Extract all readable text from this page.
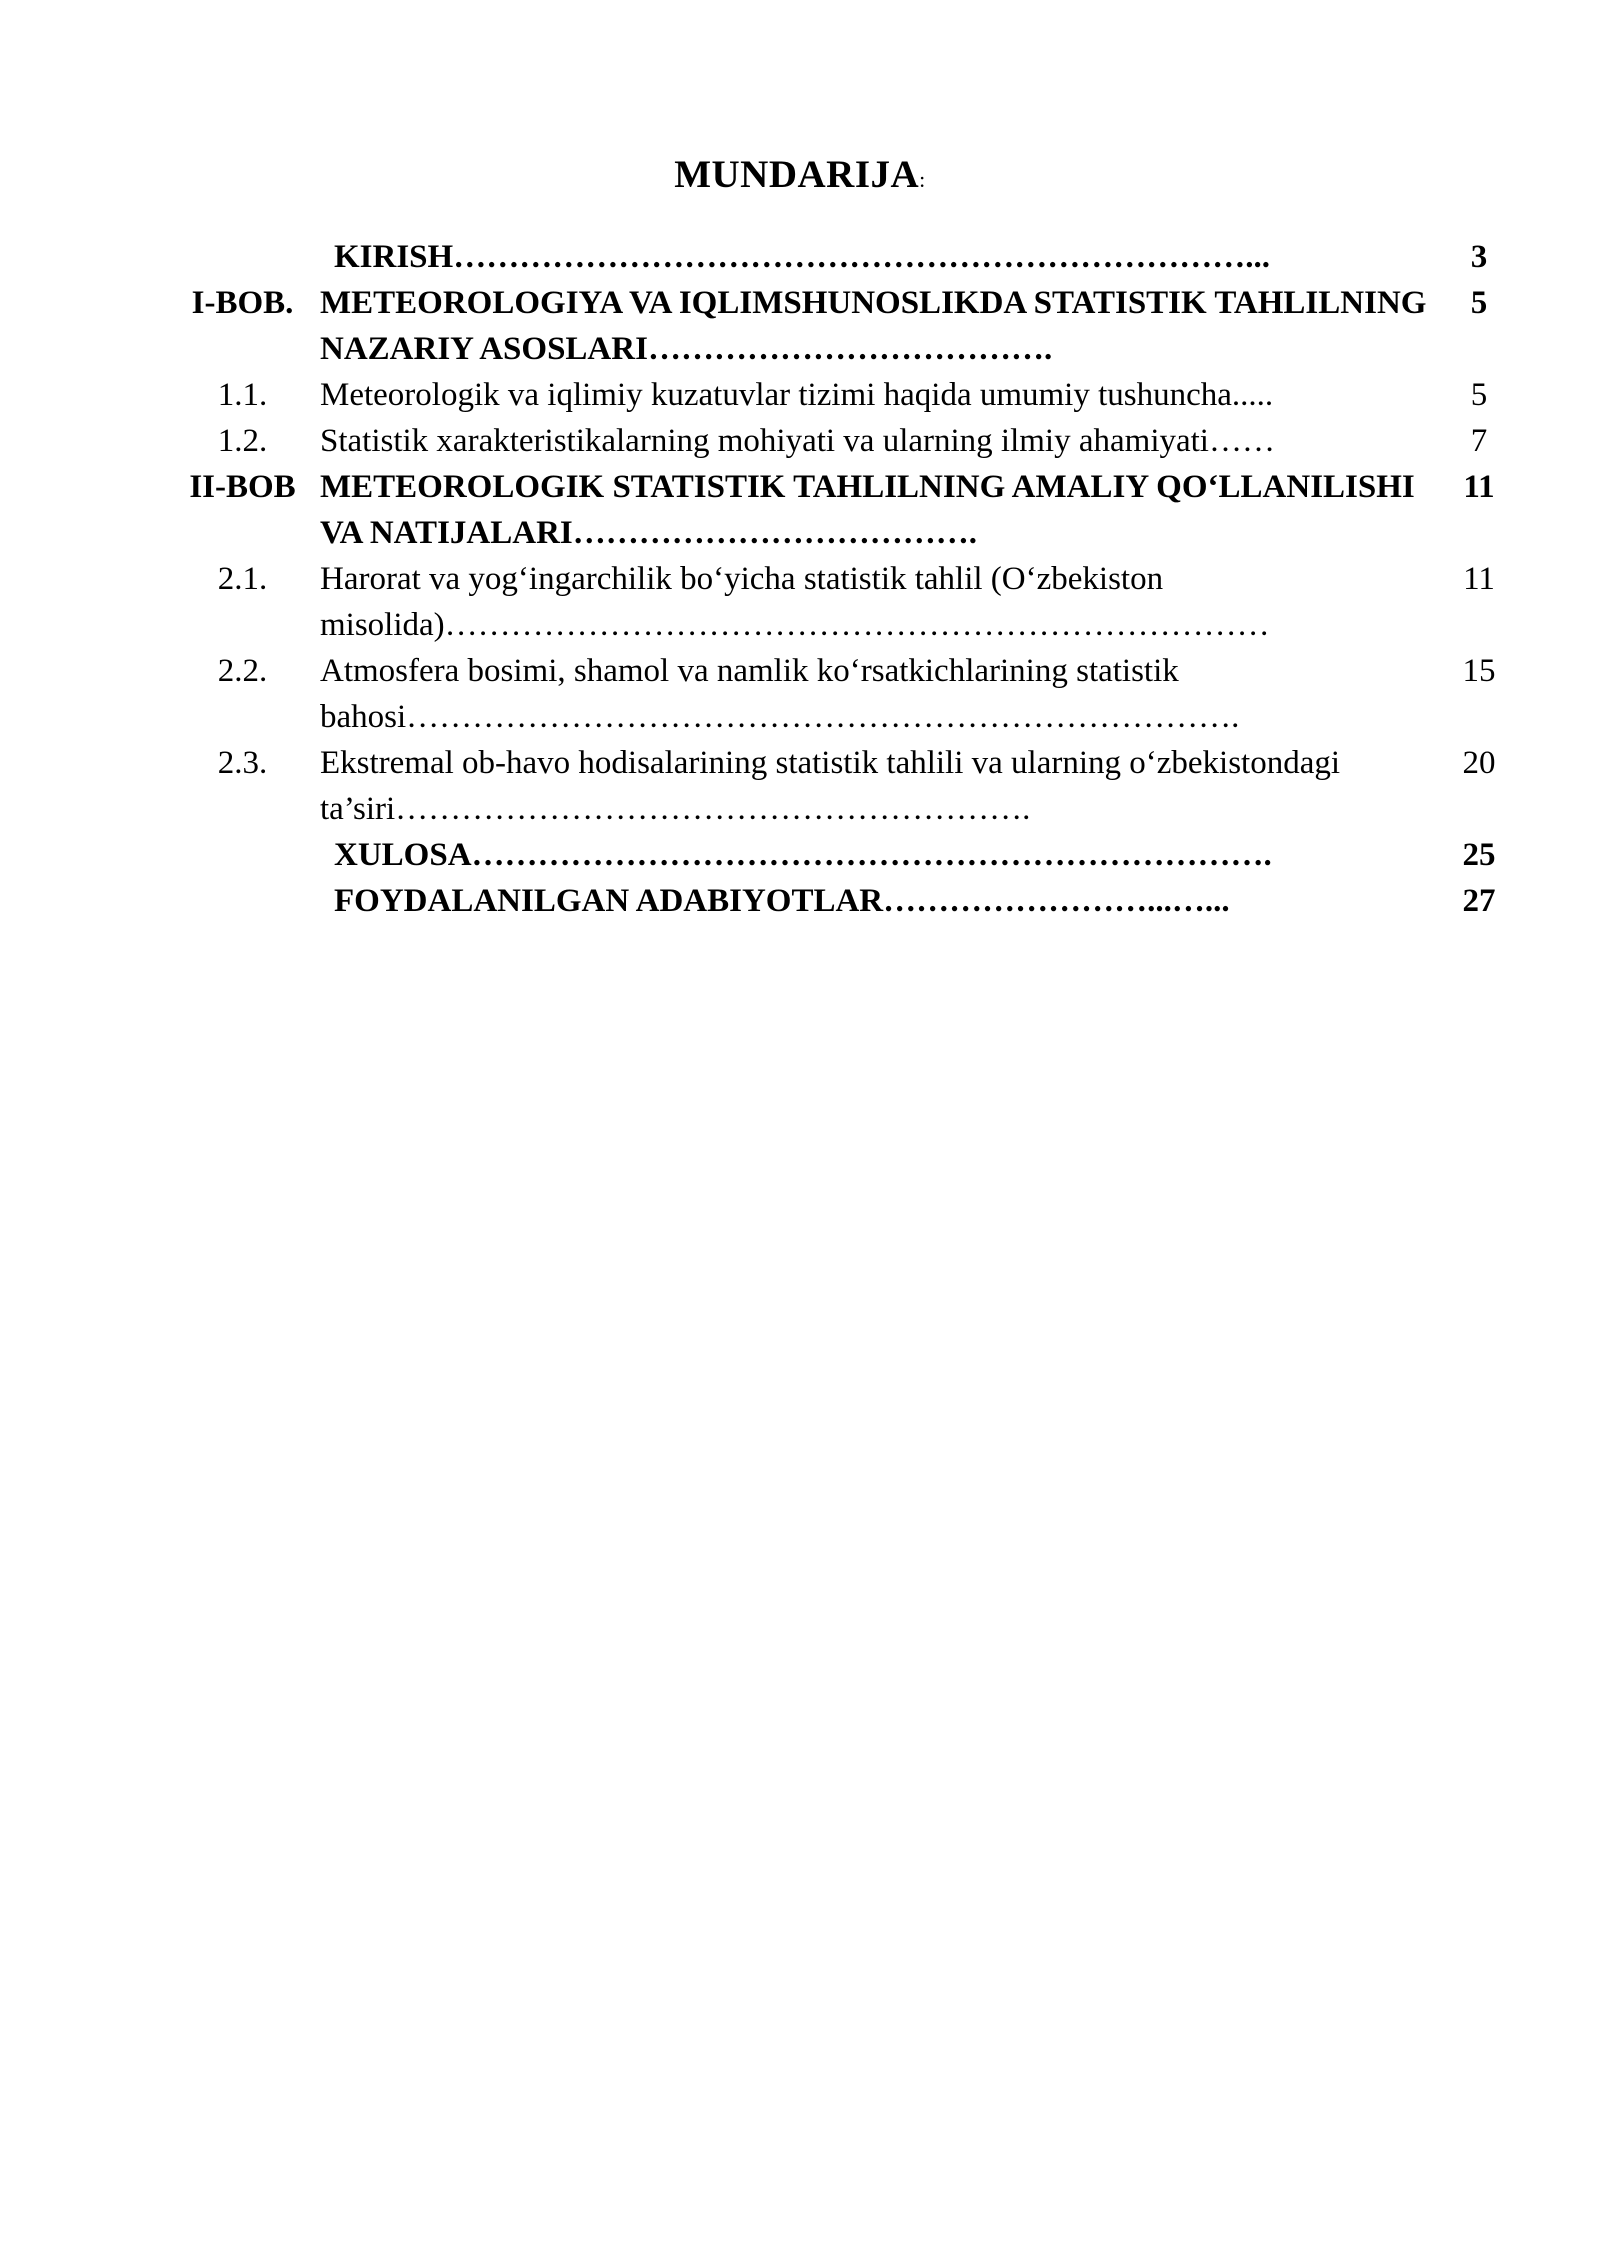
MUNDARIJA:
	KIRISH………………………………………………………………...	3
I-BOB.	METEOROLOGIYA VA IQLIMSHUNOSLIKDA STATISTIK TAHLILNING NAZARIY ASOSLARI……………………………….	5
1.1.	Meteorologik va iqlimiy kuzatuvlar tizimi haqida umumiy tushuncha.....	5
1.2.	Statistik xarakteristikalarning mohiyati va ularning ilmiy ahamiyati……	7
II-BOB	METEOROLOGIK STATISTIK TAHLILNING AMALIY QO‘LLANILISHI VA NATIJALARI……………………………….	11
2.1.	Harorat va yog‘ingarchilik bo‘yicha statistik tahlil (O‘zbekiston misolida)…………………………………………………………………	11
2.2.	Atmosfera bosimi, shamol va namlik ko‘rsatkichlarining statistik bahosi………………………………………………………………….	15
2.3.	Ekstremal ob-havo hodisalarining statistik tahlili va ularning o‘zbekistondagi ta’siri………………………………………………….	20
	XULOSA……………………………………………………………….	25
	FOYDALANILGAN ADABIYOTLAR……………………...…...	27
